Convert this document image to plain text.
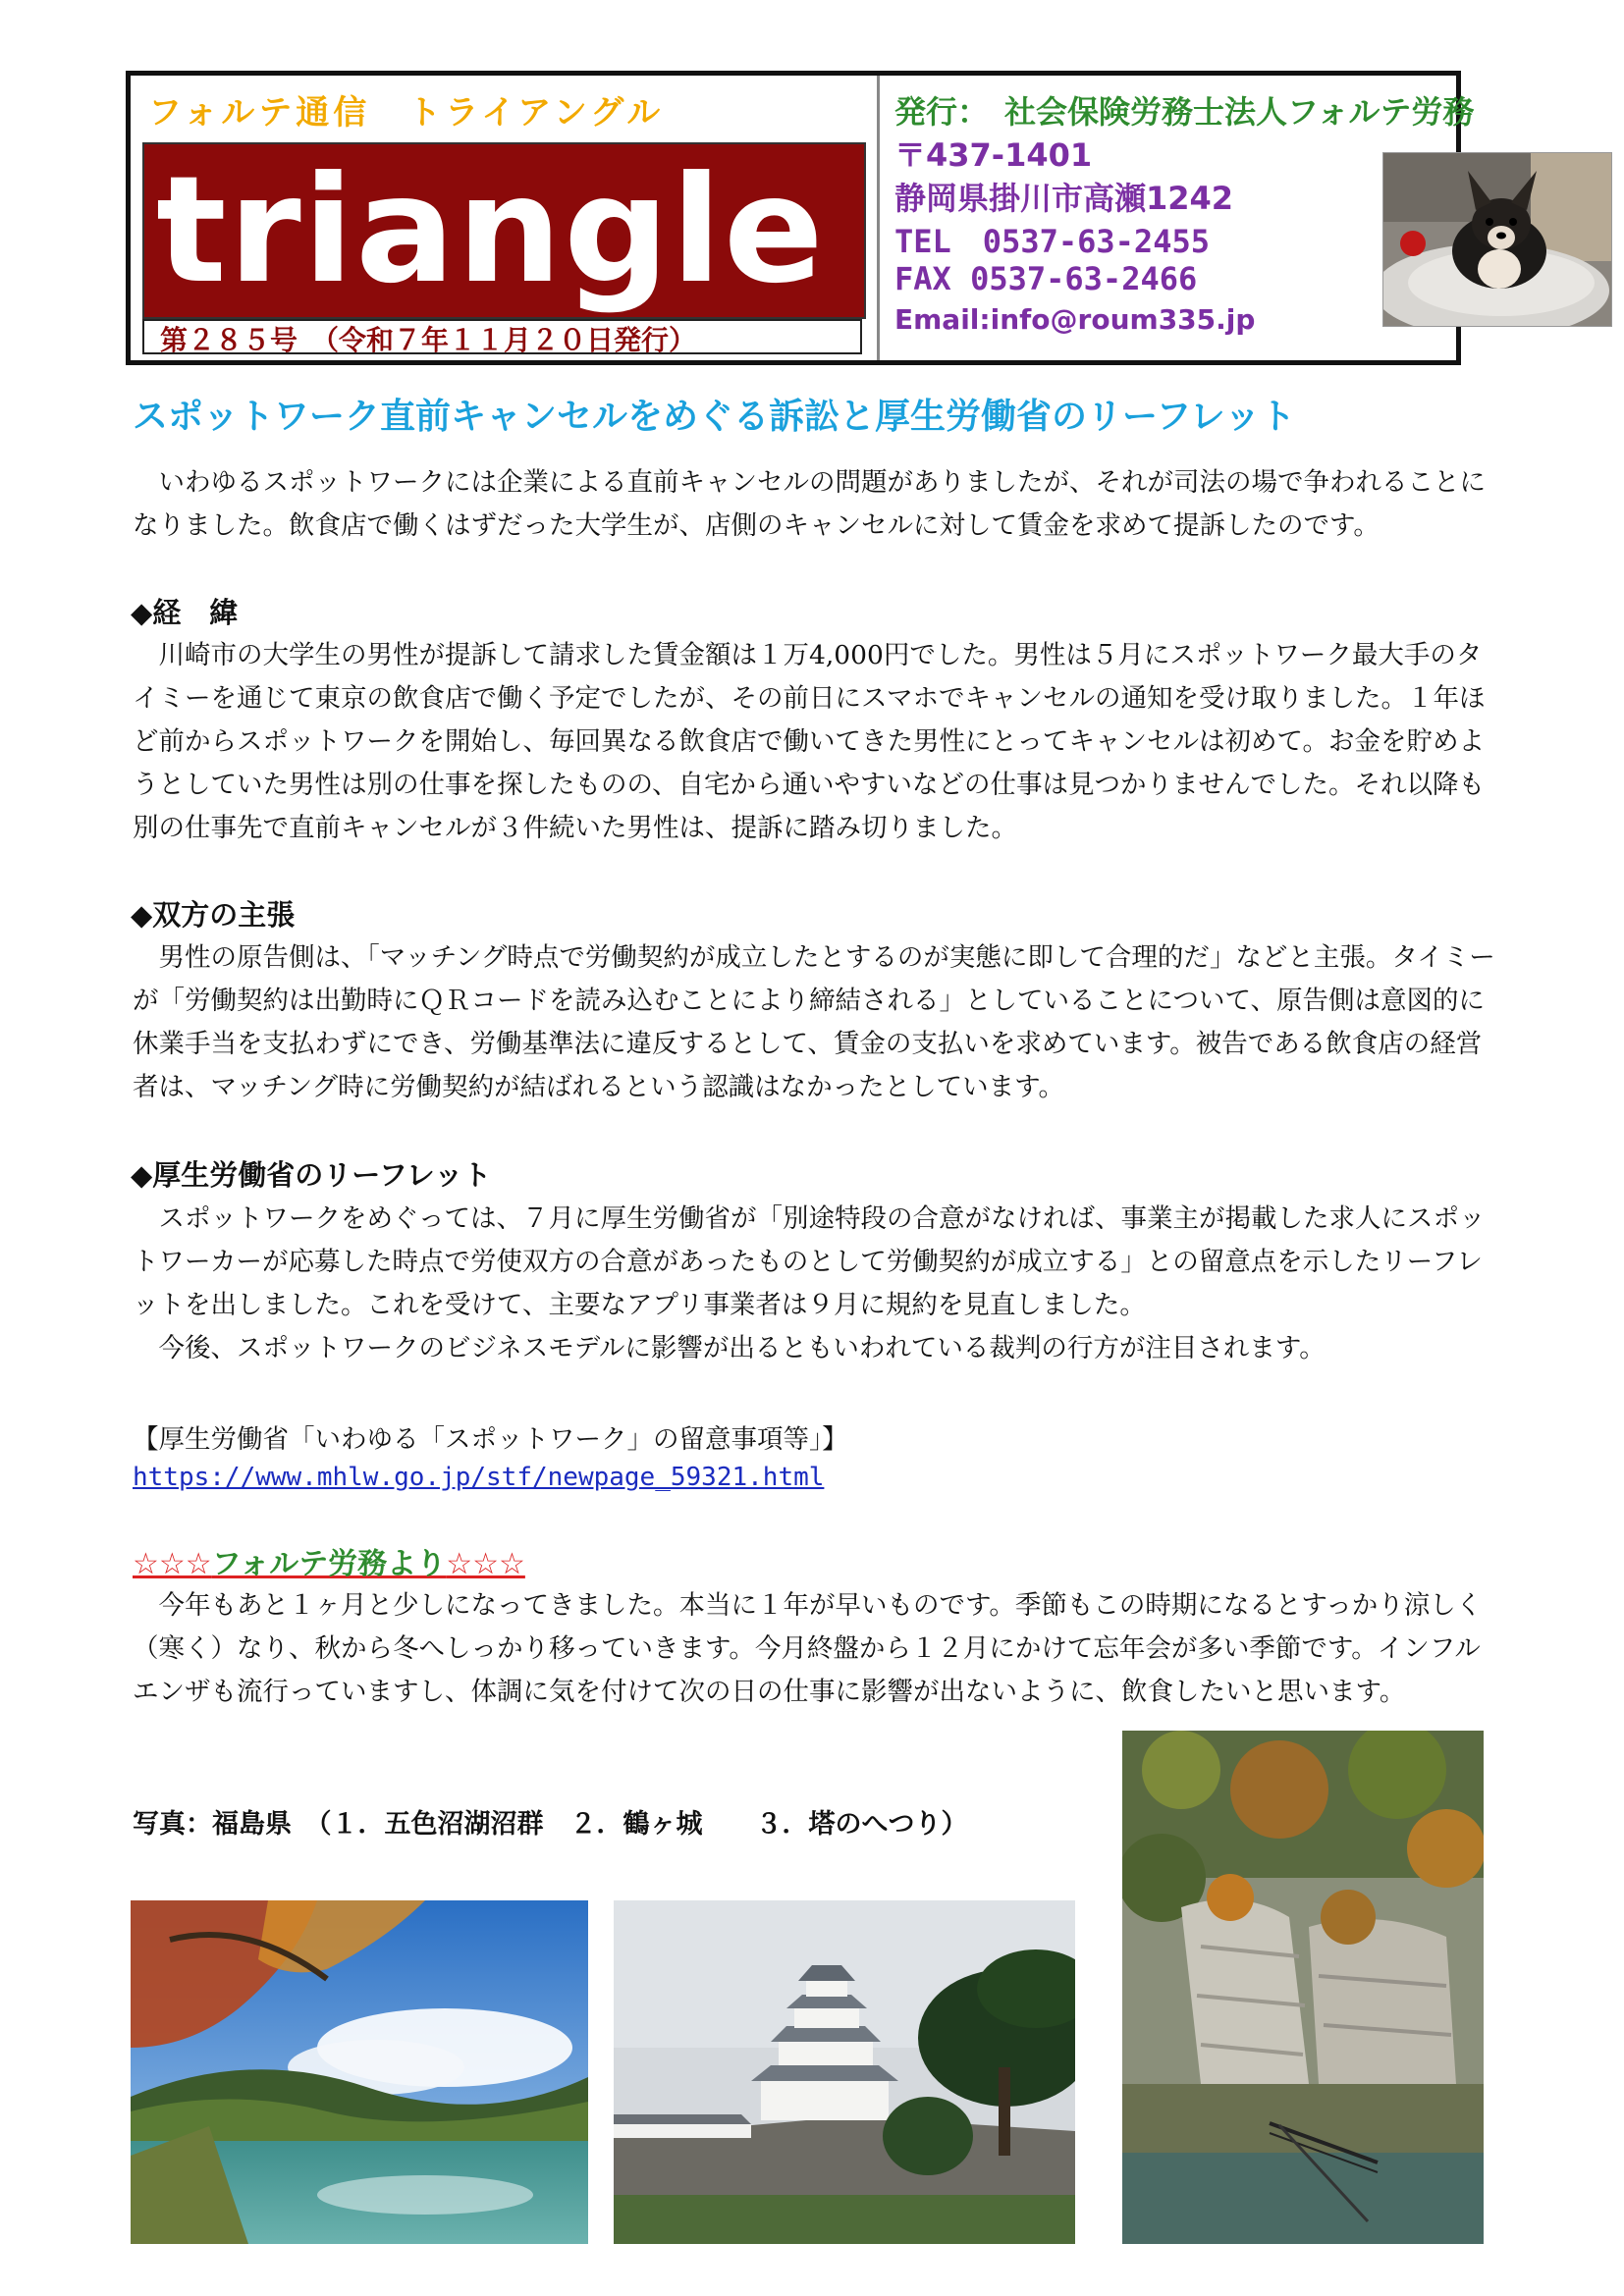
フォルテ通信　トライアングル
triangle
第２８５号　（令和７年１１月２０日発行）
発行：　社会保険労務士法人フォルテ労務
〒437-1401
静岡県掛川市高瀬1242
TEL　0537-63-2455
FAX 0537-63-2466
Email:info@roum335.jp
スポットワーク直前キャンセルをめぐる訴訟と厚生労働省のリーフレット

いわゆるスポットワークには企業による直前キャンセルの問題がありましたが、それが司法の場で争われることになりました。飲食店で働くはずだった大学生が、店側のキャンセルに対して賃金を求めて提訴したのです。

◆経　緯

川崎市の大学生の男性が提訴して請求した賃金額は１万4,000円でした。男性は５月にスポットワーク最大手のタイミーを通じて東京の飲食店で働く予定でしたが、その前日にスマホでキャンセルの通知を受け取りました。１年ほど前からスポットワークを開始し、毎回異なる飲食店で働いてきた男性にとってキャンセルは初めて。お金を貯めようとしていた男性は別の仕事を探したものの、自宅から通いやすいなどの仕事は見つかりませんでした。それ以降も別の仕事先で直前キャンセルが３件続いた男性は、提訴に踏み切りました。

◆双方の主張

男性の原告側は、「マッチング時点で労働契約が成立したとするのが実態に即して合理的だ」などと主張。タイミーが「労働契約は出勤時にＱＲコードを読み込むことにより締結される」としていることについて、原告側は意図的に休業手当を支払わずにでき、労働基準法に違反するとして、賃金の支払いを求めています。被告である飲食店の経営者は、マッチング時に労働契約が結ばれるという認識はなかったとしています。

◆厚生労働省のリーフレット

スポットワークをめぐっては、７月に厚生労働省が「別途特段の合意がなければ、事業主が掲載した求人にスポットワーカーが応募した時点で労使双方の合意があったものとして労働契約が成立する」との留意点を示したリーフレットを出しました。これを受けて、主要なアプリ事業者は９月に規約を見直しました。

今後、スポットワークのビジネスモデルに影響が出るともいわれている裁判の行方が注目されます。

【厚生労働省「いわゆる「スポットワーク」の留意事項等」】
https://www.mhlw.go.jp/stf/newpage_59321.html
☆☆☆フォルテ労務より☆☆☆

今年もあと１ヶ月と少しになってきました。本当に１年が早いものです。季節もこの時期になるとすっかり涼しく（寒く）なり、秋から冬へしっかり移っていきます。今月終盤から１２月にかけて忘年会が多い季節です。インフルエンザも流行っていますし、体調に気を付けて次の日の仕事に影響が出ないように、飲食したいと思います。

写真：福島県　（１．五色沼湖沼群　２．鶴ヶ城　　３．塔のへつり）
